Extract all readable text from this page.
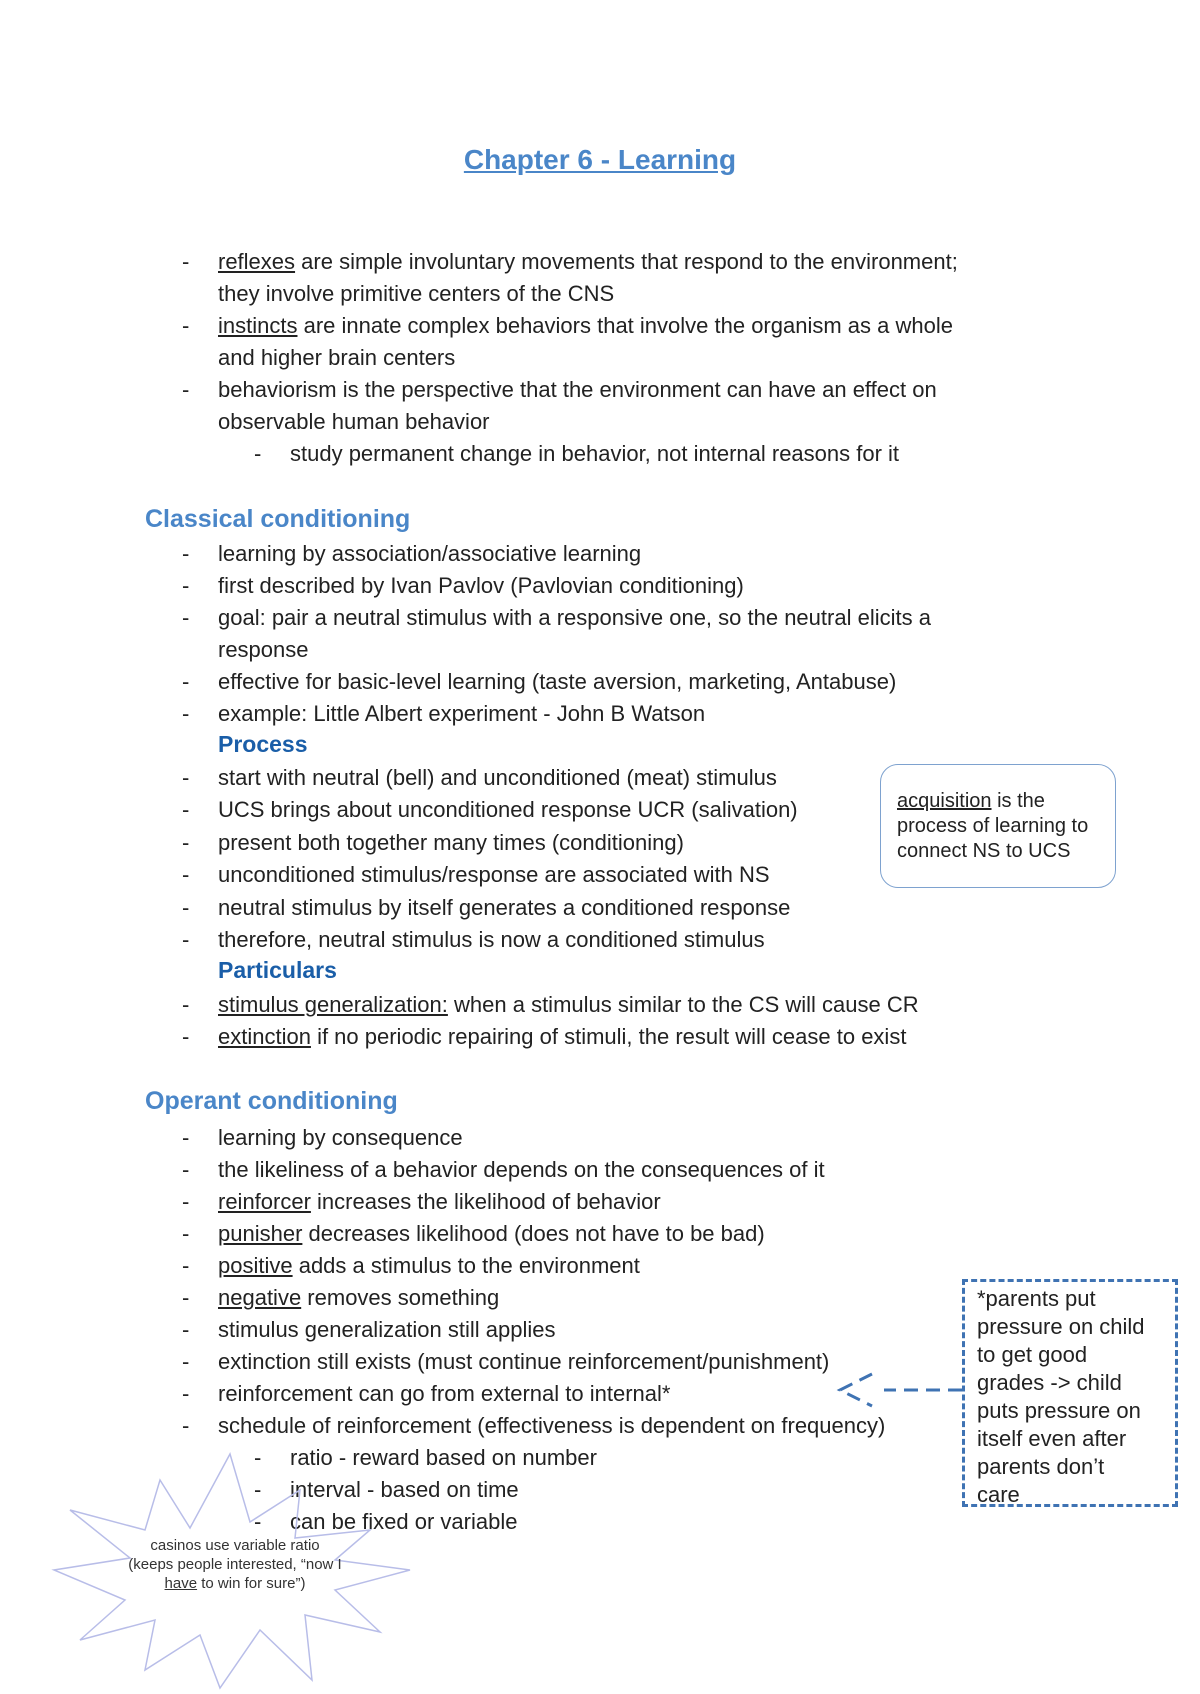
Chapter 6 - Learning
-	reflexes are simple involuntary movements that respond to the environment;
they involve primitive centers of the CNS
-	instincts are innate complex behaviors that involve the organism as a whole
and higher brain centers
-	behaviorism is the perspective that the environment can have an effect on
observable human behavior
-	study permanent change in behavior, not internal reasons for it
Classical conditioning
-	learning by association/associative learning
-	first described by Ivan Pavlov (Pavlovian conditioning)
-	goal: pair a neutral stimulus with a responsive one, so the neutral elicits a
response
-	effective for basic-level learning (taste aversion, marketing, Antabuse)
-	example: Little Albert experiment - John B Watson
Process
-	start with neutral (bell) and unconditioned (meat) stimulus
-	UCS brings about unconditioned response UCR (salivation)
-	present both together many times (conditioning)
-	unconditioned stimulus/response are associated with NS
-	neutral stimulus by itself generates a conditioned response
-	therefore, neutral stimulus is now a conditioned stimulus
Particulars
-	stimulus generalization: when a stimulus similar to the CS will cause CR
-	extinction if no periodic repairing of stimuli, the result will cease to exist
acquisition is the
process of learning to
connect NS to UCS
Operant conditioning
-	learning by consequence
-	the likeliness of a behavior depends on the consequences of it
-	reinforcer increases the likelihood of behavior
-	punisher decreases likelihood (does not have to be bad)
-	positive adds a stimulus to the environment
-	negative removes something
-	stimulus generalization still applies
-	extinction still exists (must continue reinforcement/punishment)
-	reinforcement can go from external to internal*
-	schedule of reinforcement (effectiveness is dependent on frequency)
-	ratio - reward based on number
-	interval - based on time
-	can be fixed or variable
*parents put
pressure on child
to get good
grades -> child
puts pressure on
itself even after
parents don’t
care
casinos use variable ratio
(keeps people interested, “now I
have to win for sure”)
